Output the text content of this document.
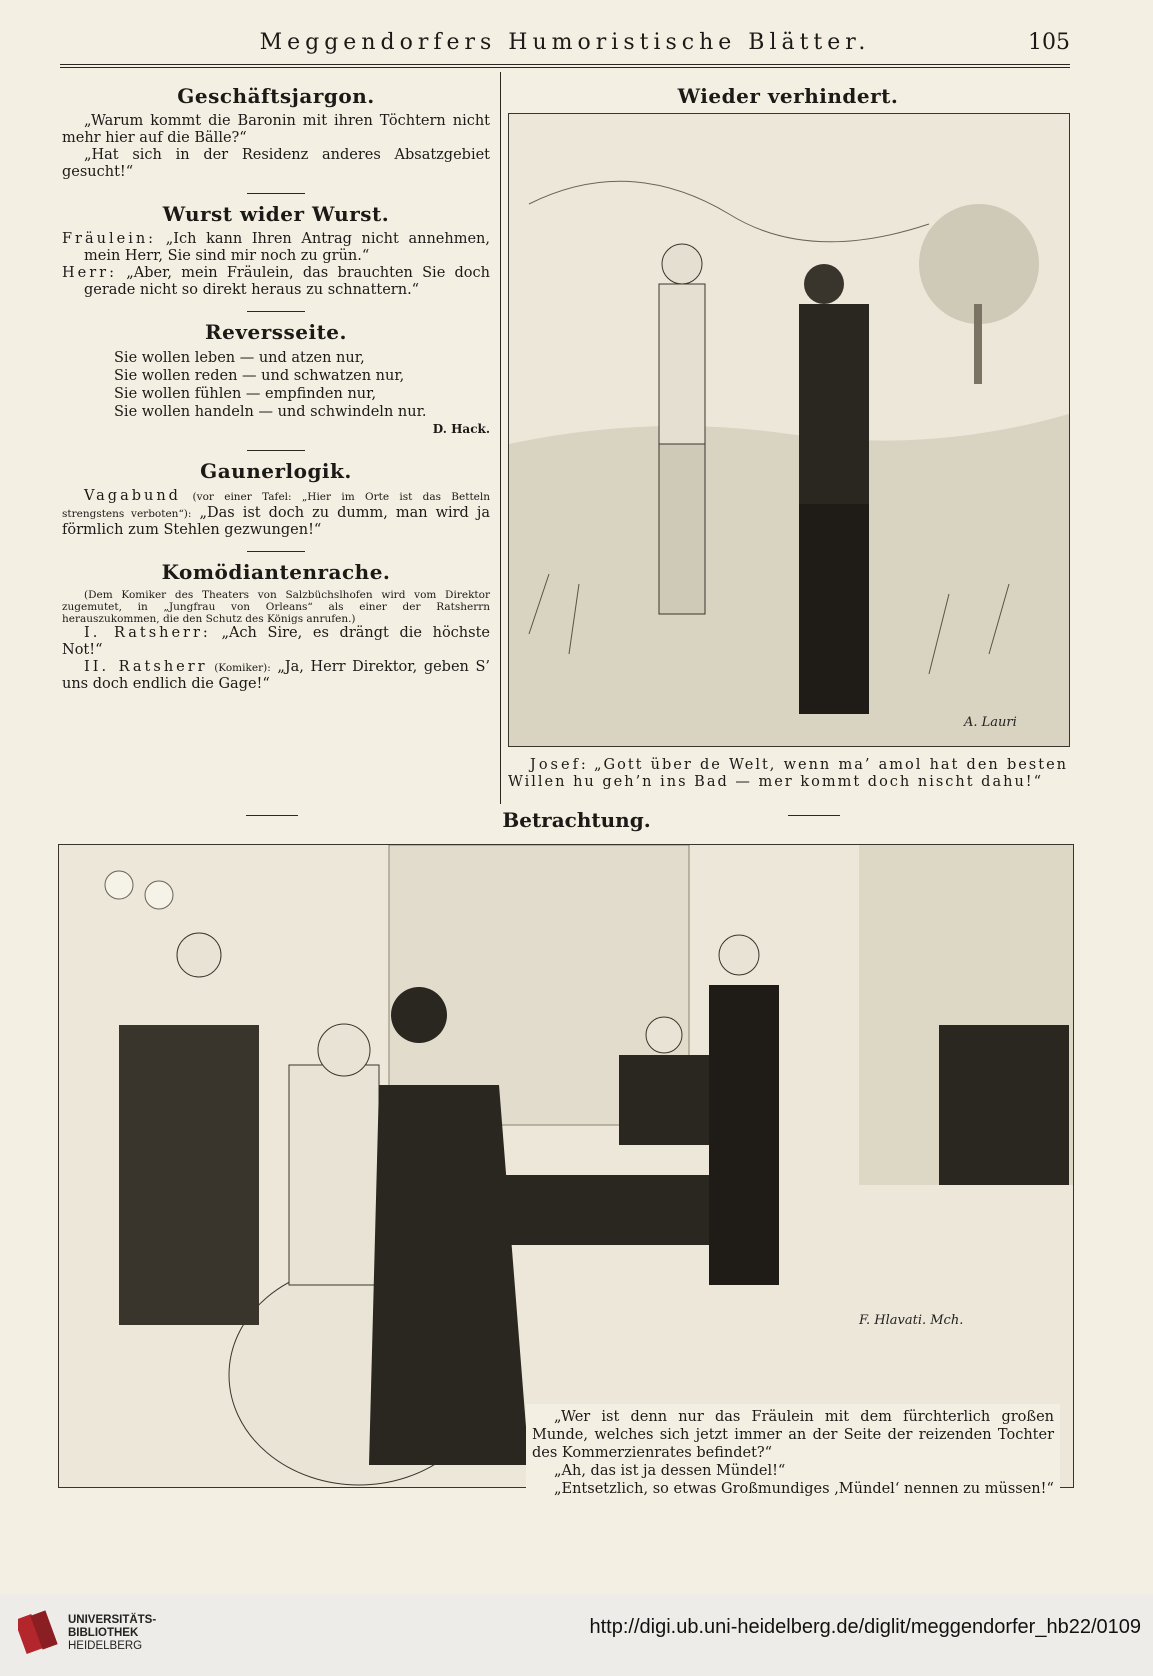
Meggendorfers Humoristische Blätter.	105
Geschäftsjargon.

„Warum kommt die Baronin mit ihren Töchtern nicht mehr hier auf die Bälle?“

„Hat sich in der Residenz anderes Absatzgebiet gesucht!“

Wurst wider Wurst.

Fräulein: „Ich kann Ihren Antrag nicht annehmen, mein Herr, Sie sind mir noch zu grün.“

Herr: „Aber, mein Fräulein, das brauchten Sie doch gerade nicht so direkt heraus zu schnattern.“

Reversseite.
Sie wollen leben — und atzen nur,
Sie wollen reden — und schwatzen nur,
Sie wollen fühlen — empfinden nur,
Sie wollen handeln — und schwindeln nur.
D. Hack.
Gaunerlogik.

Vagabund (vor einer Tafel: „Hier im Orte ist das Betteln strengstens verboten“): „Das ist doch zu dumm, man wird ja förmlich zum Stehlen gezwungen!“

Komödiantenrache.

(Dem Komiker des Theaters von Salzbüchslhofen wird vom Direktor zugemutet, in „Jungfrau von Orleans“ als einer der Ratsherrn herauszukommen, die den Schutz des Königs anrufen.)

I. Ratsherr: „Ach Sire, es drängt die höchste Not!“

II. Ratsherr (Komiker): „Ja, Herr Direktor, geben S’ uns doch endlich die Gage!“

Wieder verhindert.
A. Lauri

Josef: „Gott über de Welt, wenn ma’ amol hat den besten Willen hu geh’n ins Bad — mer kommt doch nischt dahu!“

Betrachtung.
F. Hlavati. Mch.

„Wer ist denn nur das Fräulein mit dem fürchterlich großen Munde, welches sich jetzt immer an der Seite der reizenden Tochter des Kommerzienrates befindet?“

„Ah, das ist ja dessen Mündel!“

„Entsetzlich, so etwas Großmundiges ‚Mündel‘ nennen zu müssen!“

UNIVERSITÄTS-
BIBLIOTHEK
HEIDELBERG
http://digi.ub.uni-heidelberg.de/diglit/meggendorfer_hb22/0109
